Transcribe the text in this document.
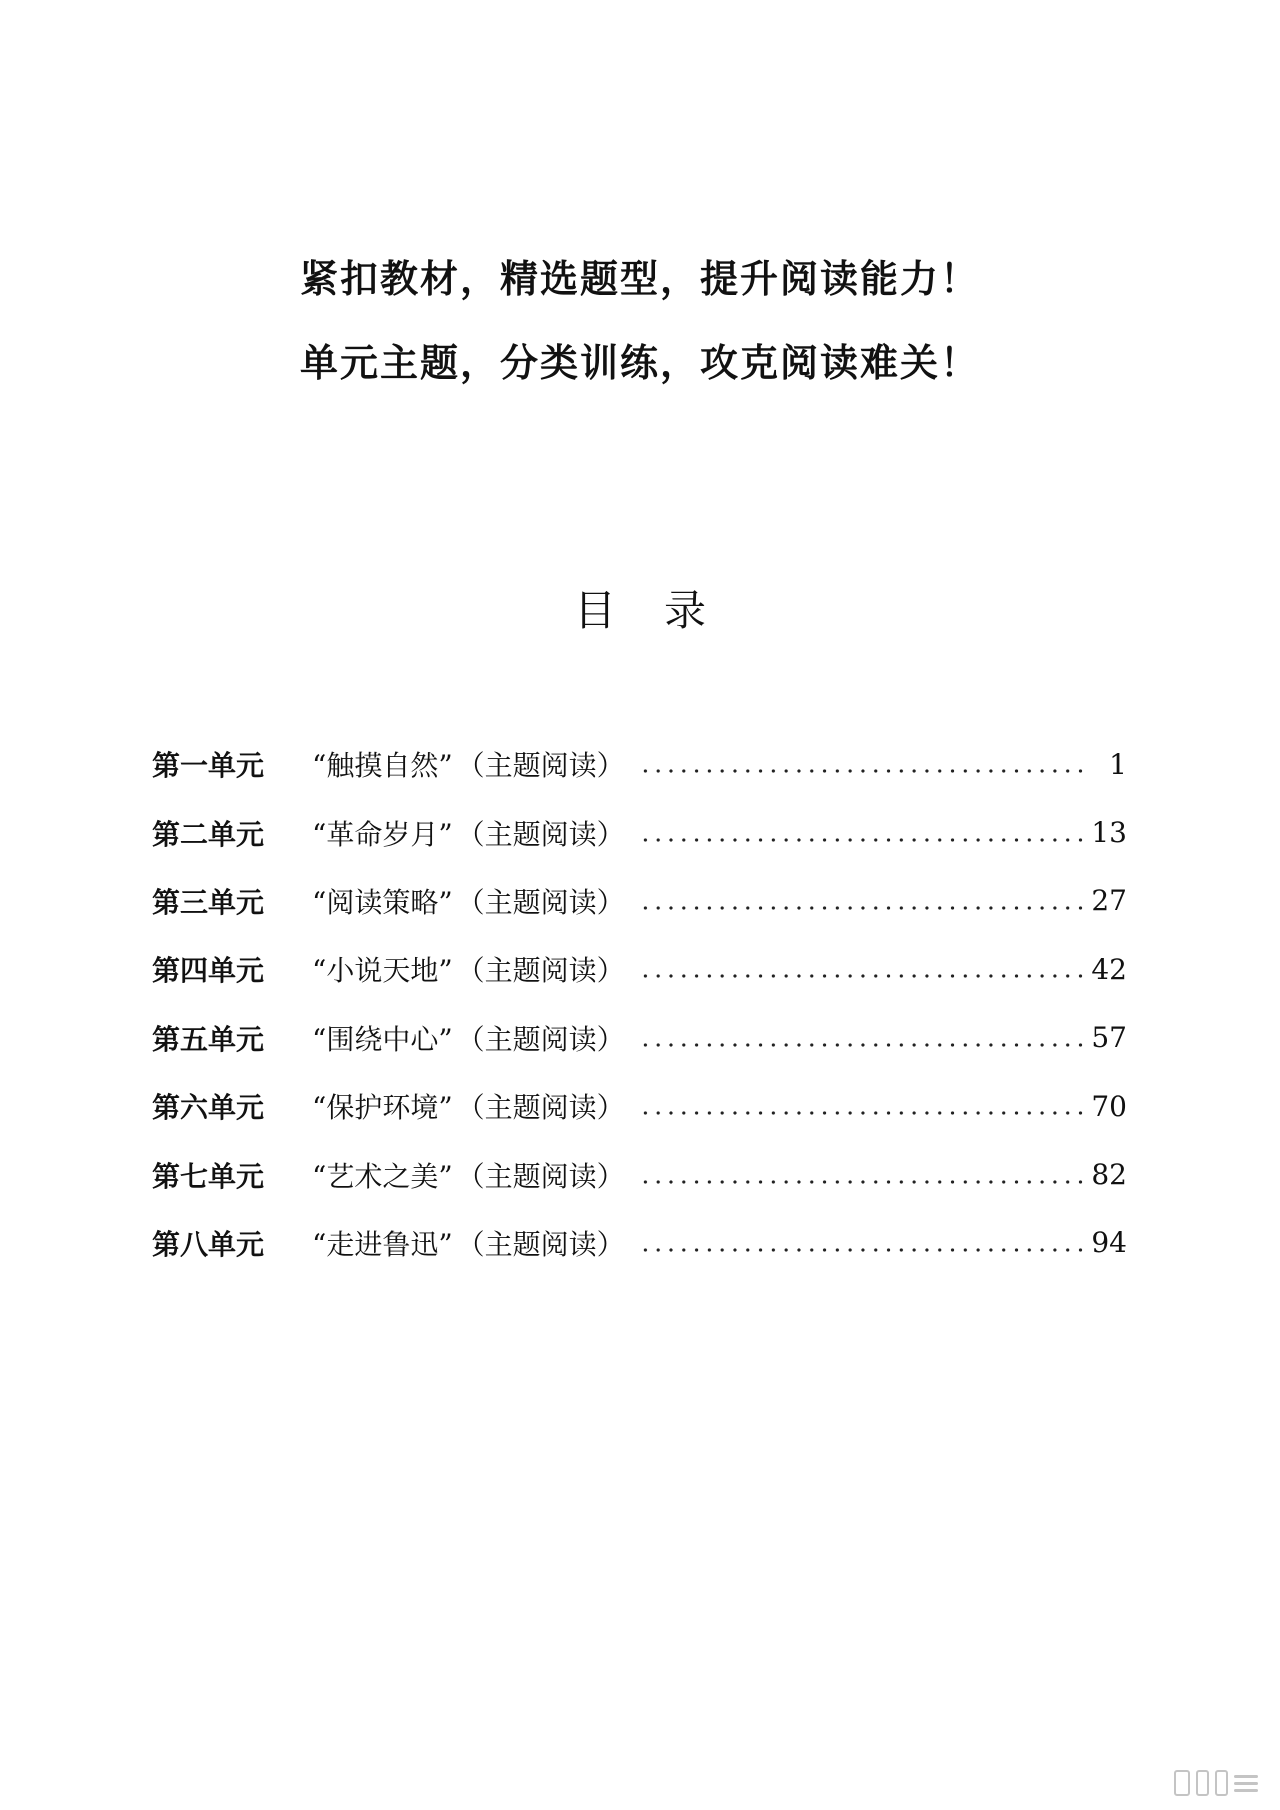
紧扣教材，精选题型，提升阅读能力！
单元主题，分类训练，攻克阅读难关！
目录
第一单元	“触摸自然” （主题阅读）	1
第二单元	“革命岁月” （主题阅读）	13
第三单元	“阅读策略” （主题阅读）	27
第四单元	“小说天地” （主题阅读）	42
第五单元	“围绕中心” （主题阅读）	57
第六单元	“保护环境” （主题阅读）	70
第七单元	“艺术之美” （主题阅读）	82
第八单元	“走进鲁迅” （主题阅读）	94
